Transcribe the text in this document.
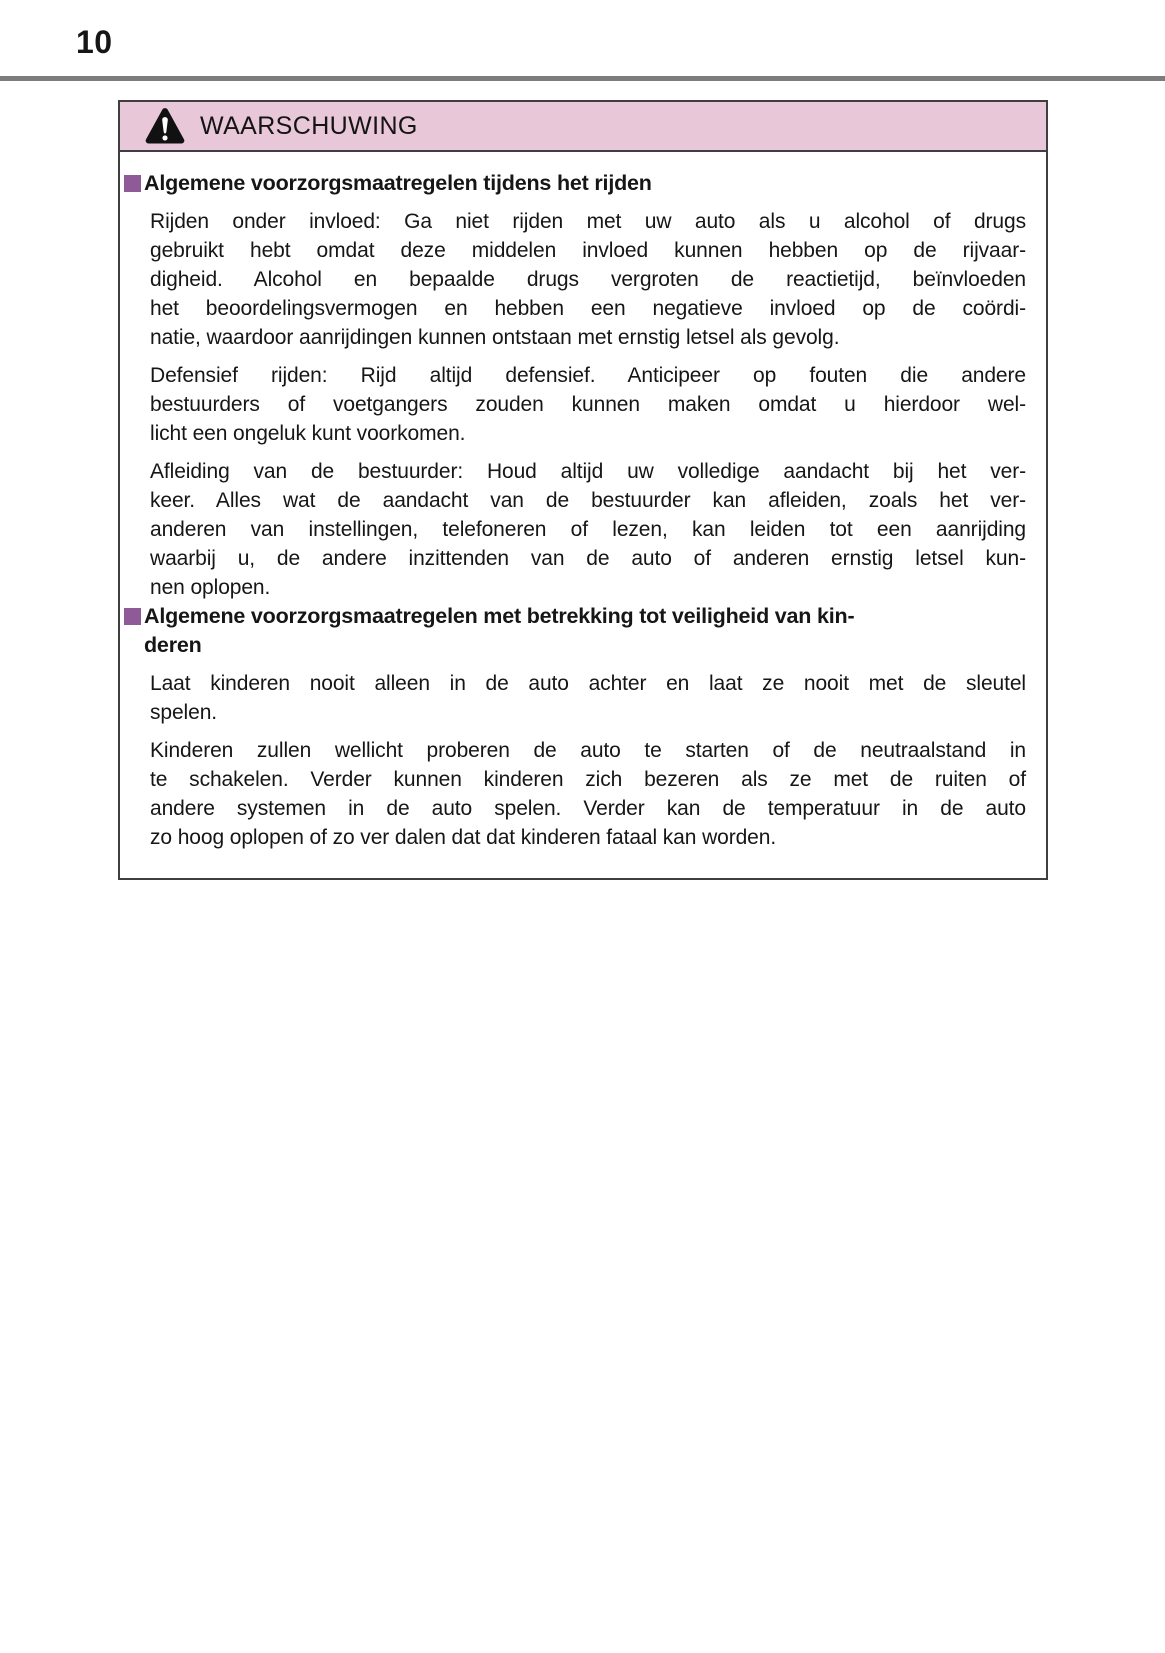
10
WAARSCHUWING
Algemene voorzorgsmaatregelen tijdens het rijden
Rijden onder invloed: Ga niet rijden met uw auto als u alcohol of drugs
gebruikt hebt omdat deze middelen invloed kunnen hebben op de rijvaar-
digheid. Alcohol en bepaalde drugs vergroten de reactietijd, beïnvloeden
het beoordelingsvermogen en hebben een negatieve invloed op de coördi-
natie, waardoor aanrijdingen kunnen ontstaan met ernstig letsel als gevolg.
Defensief rijden: Rijd altijd defensief. Anticipeer op fouten die andere
bestuurders of voetgangers zouden kunnen maken omdat u hierdoor wel-
licht een ongeluk kunt voorkomen.
Afleiding van de bestuurder: Houd altijd uw volledige aandacht bij het ver-
keer. Alles wat de aandacht van de bestuurder kan afleiden, zoals het ver-
anderen van instellingen, telefoneren of lezen, kan leiden tot een aanrijding
waarbij u, de andere inzittenden van de auto of anderen ernstig letsel kun-
nen oplopen.
Algemene voorzorgsmaatregelen met betrekking tot veiligheid van kin-
deren
Laat kinderen nooit alleen in de auto achter en laat ze nooit met de sleutel
spelen.
Kinderen zullen wellicht proberen de auto te starten of de neutraalstand in
te schakelen. Verder kunnen kinderen zich bezeren als ze met de ruiten of
andere systemen in de auto spelen. Verder kan de temperatuur in de auto
zo hoog oplopen of zo ver dalen dat dat kinderen fataal kan worden.
